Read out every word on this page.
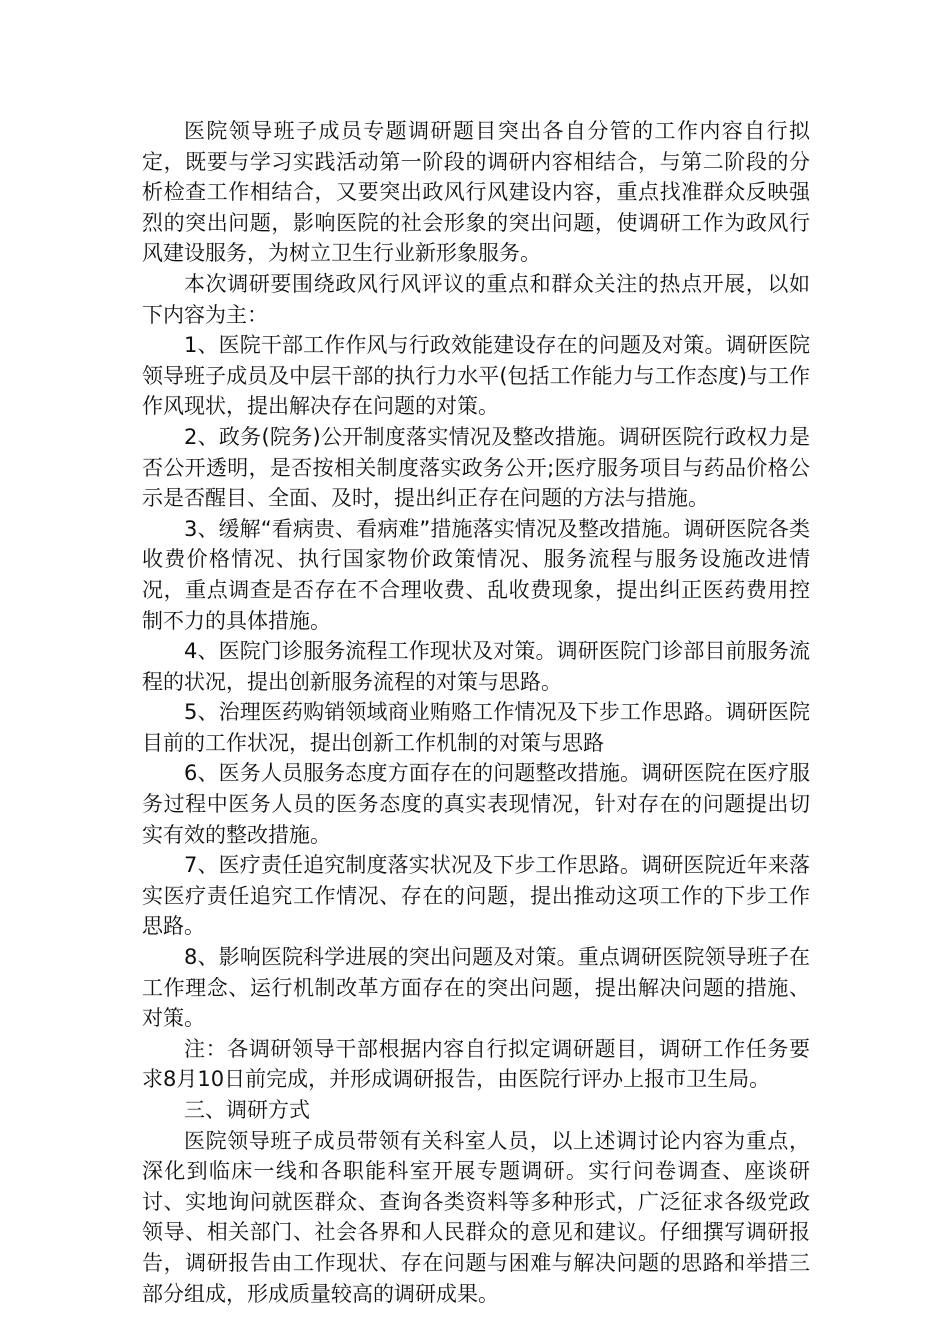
医院领导班子成员专题调研题目突出各自分管的工作内容自行拟定，既要与学习实践活动第一阶段的调研内容相结合，与第二阶段的分析检查工作相结合，又要突出政风行风建设内容，重点找准群众反映强烈的突出问题，影响医院的社会形象的突出问题，使调研工作为政风行风建设服务，为树立卫生行业新形象服务。

本次调研要围绕政风行风评议的重点和群众关注的热点开展，以如下内容为主：

1、医院干部工作作风与行政效能建设存在的问题及对策。调研医院领导班子成员及中层干部的执行力水平(包括工作能力与工作态度)与工作作风现状，提出解决存在问题的对策。

2、政务(院务)公开制度落实情况及整改措施。调研医院行政权力是否公开透明，是否按相关制度落实政务公开;医疗服务项目与药品价格公示是否醒目、全面、及时，提出纠正存在问题的方法与措施。

3、缓解“看病贵、看病难”措施落实情况及整改措施。调研医院各类收费价格情况、执行国家物价政策情况、服务流程与服务设施改进情况，重点调查是否存在不合理收费、乱收费现象，提出纠正医药费用控制不力的具体措施。

4、医院门诊服务流程工作现状及对策。调研医院门诊部目前服务流程的状况，提出创新服务流程的对策与思路。

5、治理医药购销领域商业贿赂工作情况及下步工作思路。调研医院目前的工作状况，提出创新工作机制的对策与思路

6、医务人员服务态度方面存在的问题整改措施。调研医院在医疗服务过程中医务人员的医务态度的真实表现情况，针对存在的问题提出切实有效的整改措施。

7、医疗责任追究制度落实状况及下步工作思路。调研医院近年来落实医疗责任追究工作情况、存在的问题，提出推动这项工作的下步工作思路。

8、影响医院科学进展的突出问题及对策。重点调研医院领导班子在工作理念、运行机制改革方面存在的突出问题，提出解决问题的措施、对策。

注：各调研领导干部根据内容自行拟定调研题目，调研工作任务要求8月10日前完成，并形成调研报告，由医院行评办上报市卫生局。

三、调研方式

医院领导班子成员带领有关科室人员，以上述调讨论内容为重点，深化到临床一线和各职能科室开展专题调研。实行问卷调查、座谈研讨、实地询问就医群众、查询各类资料等多种形式，广泛征求各级党政领导、相关部门、社会各界和人民群众的意见和建议。仔细撰写调研报告，调研报告由工作现状、存在问题与困难与解决问题的思路和举措三部分组成，形成质量较高的调研成果。
